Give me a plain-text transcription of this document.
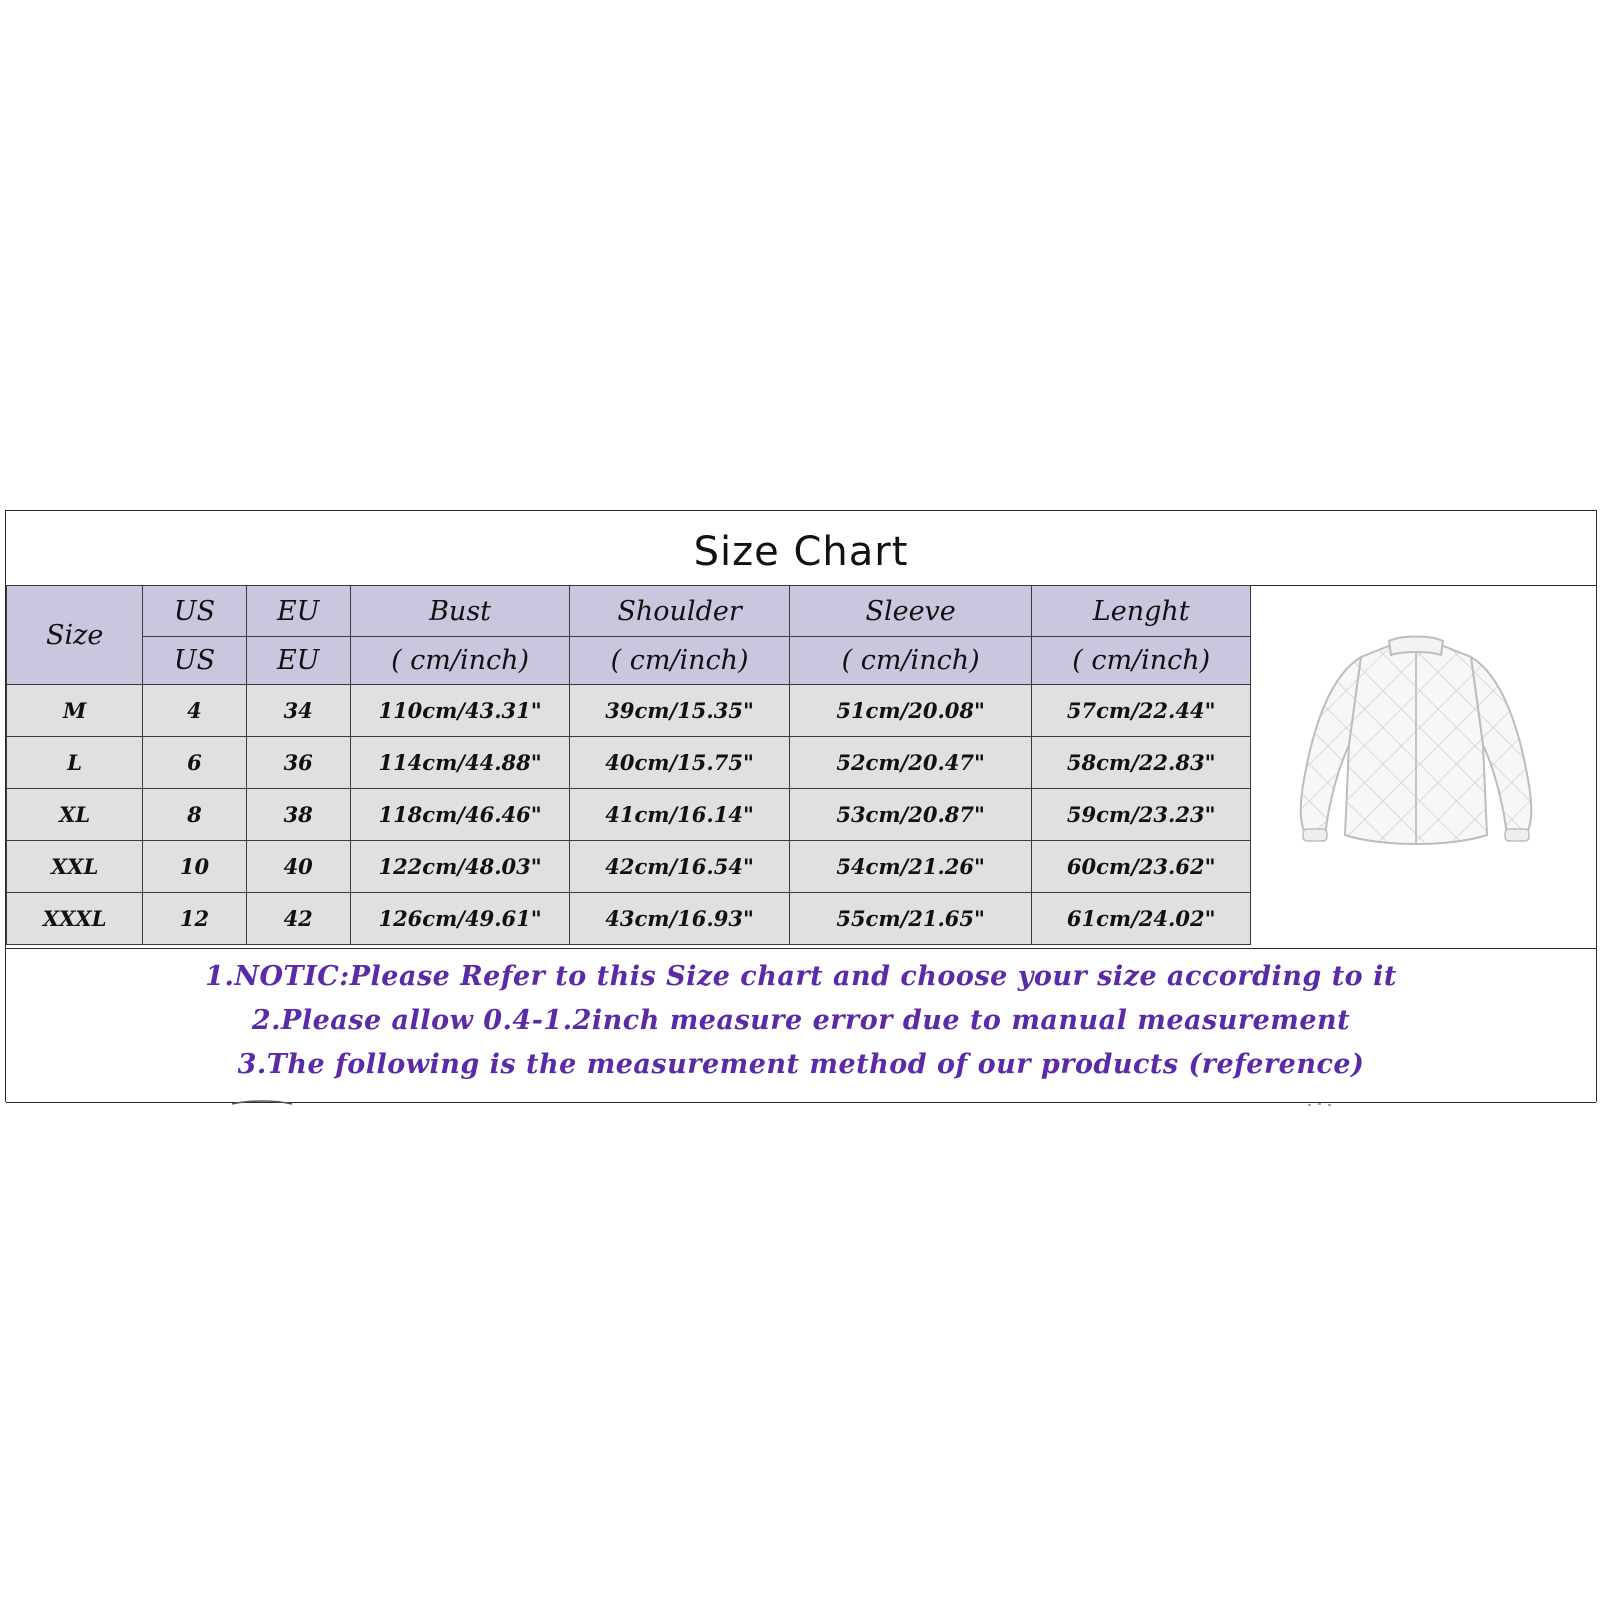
Size Chart
Size	US	EU	Bust	Shoulder	Sleeve	Lenght
	US	EU	( cm/inch)	( cm/inch)	( cm/inch)	( cm/inch)
M	4	34	110cm/43.31"	39cm/15.35"	51cm/20.08"	57cm/22.44"
L	6	36	114cm/44.88"	40cm/15.75"	52cm/20.47"	58cm/22.83"
XL	8	38	118cm/46.46"	41cm/16.14"	53cm/20.87"	59cm/23.23"
XXL	10	40	122cm/48.03"	42cm/16.54"	54cm/21.26"	60cm/23.62"
XXXL	12	42	126cm/49.61"	43cm/16.93"	55cm/21.65"	61cm/24.02"
1.NOTIC:Please Refer to this Size chart and choose your size according to it
2.Please allow 0.4-1.2inch measure error due to manual measurement
3.The following is the measurement method of our products (reference)
